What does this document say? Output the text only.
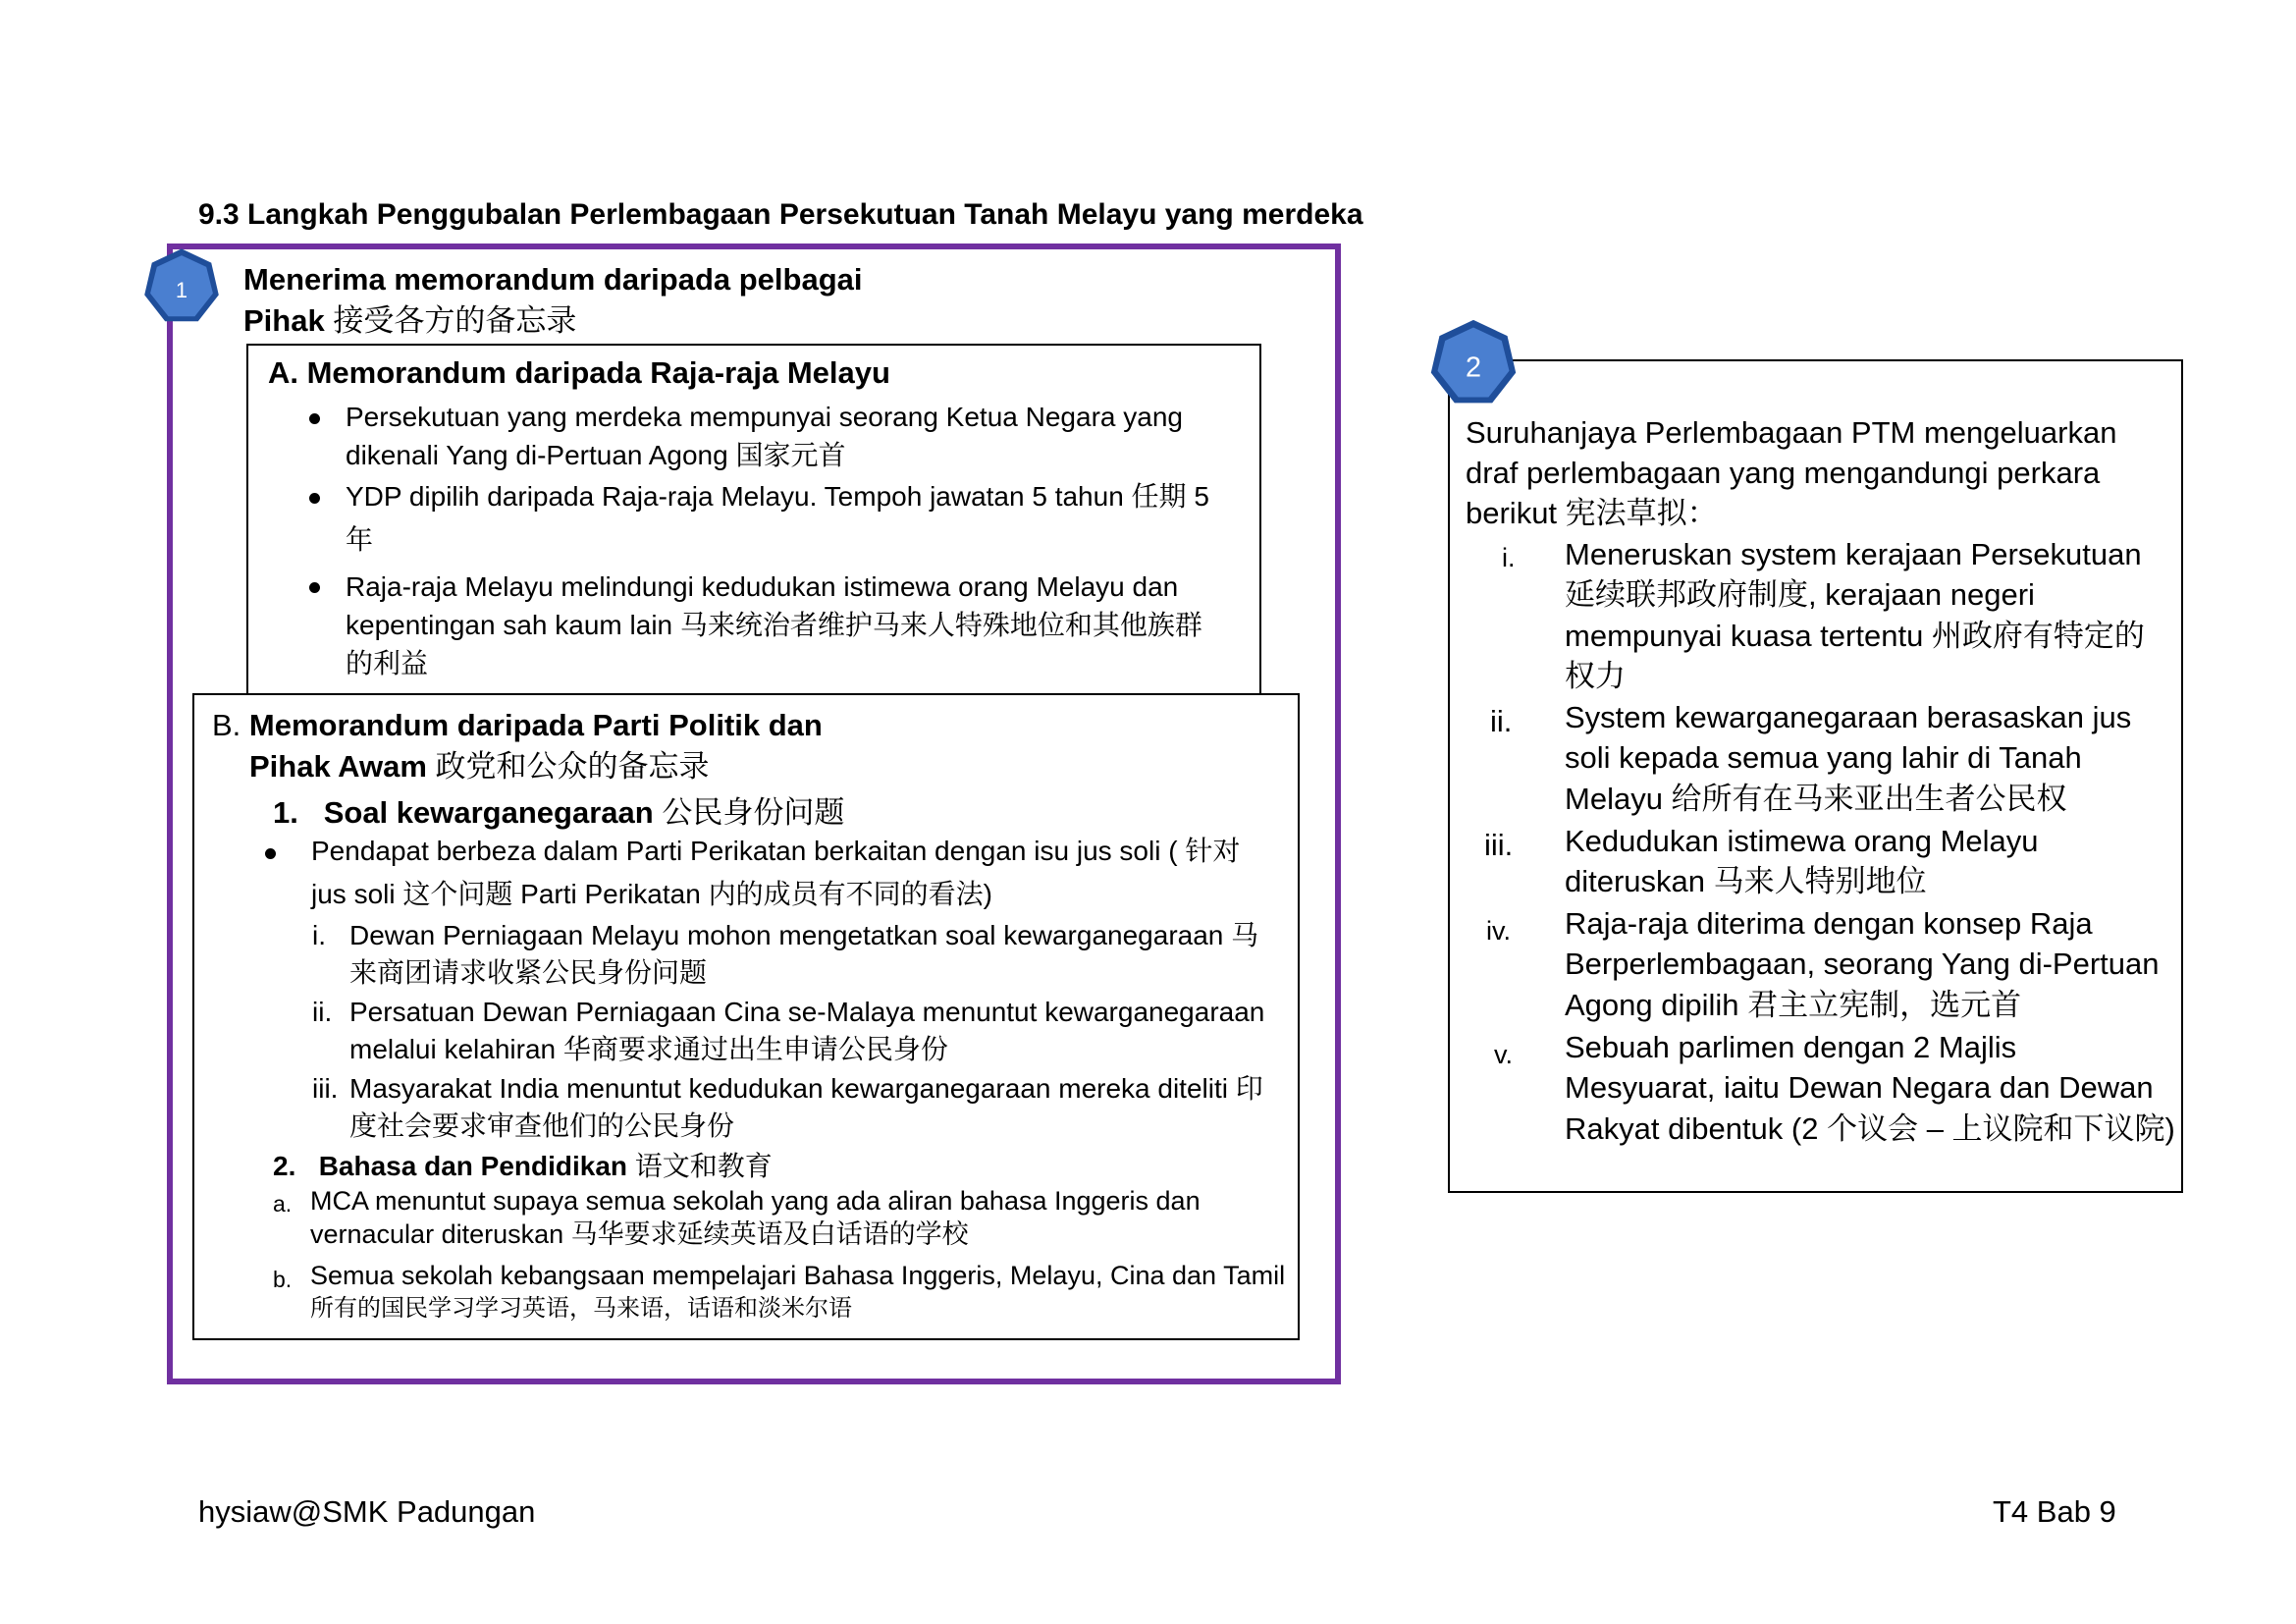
9.3 Langkah Penggubalan Perlembagaan Persekutuan Tanah Melayu yang merdeka
1 Menerima memorandum daripada pelbagai
Pihak 接受各方的备忘录
A. Memorandum daripada Raja-raja Melayu
Persekutuan yang merdeka mempunyai seorang Ketua Negara yang
dikenali Yang di-Pertuan Agong 国家元首
YDP dipilih daripada Raja-raja Melayu. Tempoh jawatan 5 tahun 任期 5
年
Raja-raja Melayu melindungi kedudukan istimewa orang Melayu dan
kepentingan sah kaum lain 马来统治者维护马来人特殊地位和其他族群
的利益
B. Memorandum daripada Parti Politik dan
Pihak Awam 政党和公众的备忘录
1. Soal kewarganegaraan 公民身份问题
Pendapat berbeza dalam Parti Perikatan berkaitan dengan isu jus soli ( 针对
jus soli 这个问题 Parti Perikatan 内的成员有不同的看法)
i. Dewan Perniagaan Melayu mohon mengetatkan soal kewarganegaraan 马
来商团请求收紧公民身份问题
ii. Persatuan Dewan Perniagaan Cina se-Malaya menuntut kewarganegaraan
melalui kelahiran 华商要求通过出生申请公民身份
iii. Masyarakat India menuntut kedudukan kewarganegaraan mereka diteliti 印
度社会要求审查他们的公民身份
2. Bahasa dan Pendidikan 语文和教育
a. MCA menuntut supaya semua sekolah yang ada aliran bahasa Inggeris dan
vernacular diteruskan 马华要求延续英语及白话语的学校
b. Semua sekolah kebangsaan mempelajari Bahasa Inggeris, Melayu, Cina dan Tamil
所有的国民学习学习英语，马来语，话语和淡米尔语
2
Suruhanjaya Perlembagaan PTM mengeluarkan
draf perlembagaan yang mengandungi perkara
berikut 宪法草拟：
i. Meneruskan system kerajaan Persekutuan
延续联邦政府制度, kerajaan negeri
mempunyai kuasa tertentu 州政府有特定的
权力
ii. System kewarganegaraan berasaskan jus
soli kepada semua yang lahir di Tanah
Melayu 给所有在马来亚出生者公民权
iii. Kedudukan istimewa orang Melayu
diteruskan 马来人特别地位
iv. Raja-raja diterima dengan konsep Raja
Berperlembagaan, seorang Yang di-Pertuan
Agong dipilih 君主立宪制，选元首
v. Sebuah parlimen dengan 2 Majlis
Mesyuarat, iaitu Dewan Negara dan Dewan
Rakyat dibentuk (2 个议会 – 上议院和下议院)
hysiaw@SMK Padungan	T4 Bab 9
